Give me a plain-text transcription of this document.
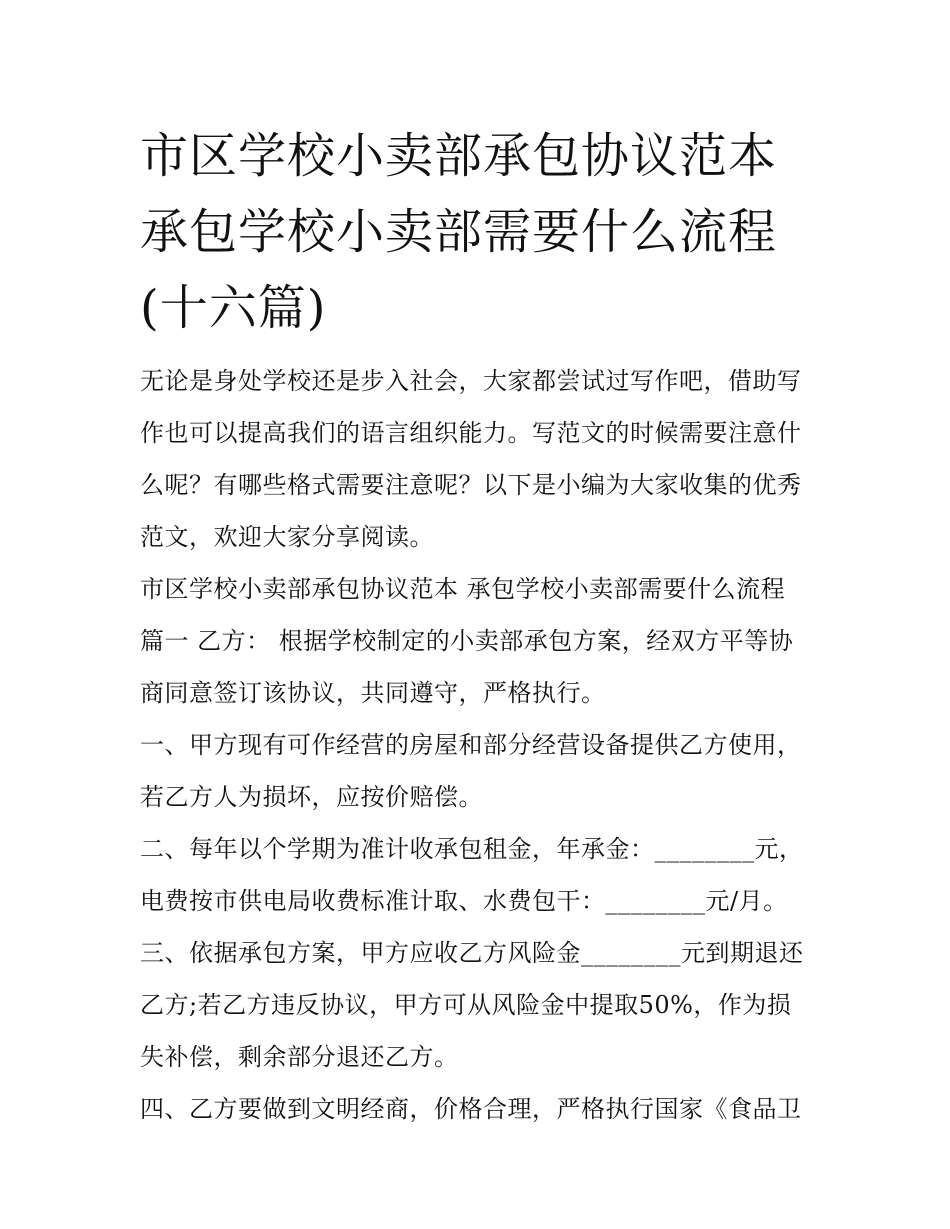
市区学校小卖部承包协议范本
承包学校小卖部需要什么流程
(十六篇)
无论是身处学校还是步入社会，大家都尝试过写作吧，借助写
作也可以提高我们的语言组织能力。写范文的时候需要注意什
么呢？有哪些格式需要注意呢？以下是小编为大家收集的优秀
范文，欢迎大家分享阅读。
市区学校小卖部承包协议范本 承包学校小卖部需要什么流程
篇一 乙方： 根据学校制定的小卖部承包方案，经双方平等协
商同意签订该协议，共同遵守，严格执行。
一、甲方现有可作经营的房屋和部分经营设备提供乙方使用，
若乙方人为损坏，应按价赔偿。
二、每年以个学期为准计收承包租金，年承金：________元，
电费按市供电局收费标准计取、水费包干：________元/月。
三、依据承包方案，甲方应收乙方风险金________元到期退还
乙方;若乙方违反协议，甲方可从风险金中提取50%，作为损
失补偿，剩余部分退还乙方。
四、乙方要做到文明经商，价格合理，严格执行国家《食品卫
